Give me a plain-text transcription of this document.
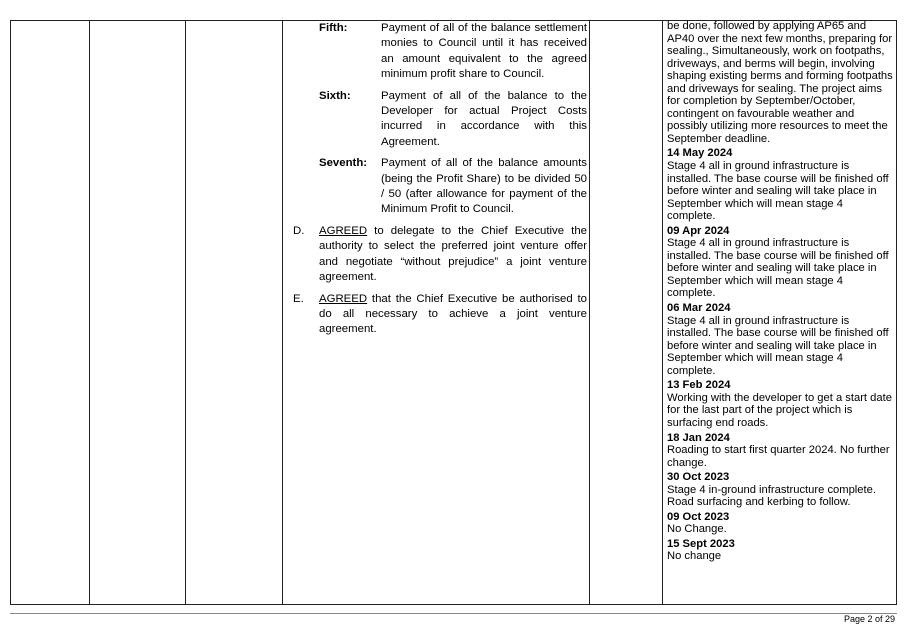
Fifth:	Payment of all of the balance settlement monies to Council until it has received an amount equivalent to the agreed minimum profit share to Council.
Sixth:	Payment of all of the balance to the Developer for actual Project Costs incurred in accordance with this Agreement.
Seventh:	Payment of all of the balance amounts (being the Profit Share) to be divided 50 / 50 (after allowance for payment of the Minimum Profit to Council.
D.	AGREED to delegate to the Chief Executive the authority to select the preferred joint venture offer and negotiate “without prejudice” a joint venture agreement.
E.	AGREED that the Chief Executive be authorised to do all necessary to achieve a joint venture agreement.
be done, followed by applying AP65 and AP40 over the next few months, preparing for sealing., Simultaneously, work on footpaths, driveways, and berms will begin, involving shaping existing berms and forming footpaths and driveways for sealing. The project aims for completion by September/October, contingent on favourable weather and possibly utilizing more resources to meet the September deadline.
14 May 2024
Stage 4 all in ground infrastructure is installed. The base course will be finished off before winter and sealing will take place in September which will mean stage 4 complete.
09 Apr 2024
Stage 4 all in ground infrastructure is installed. The base course will be finished off before winter and sealing will take place in September which will mean stage 4 complete.
06 Mar 2024
Stage 4 all in ground infrastructure is installed. The base course will be finished off before winter and sealing will take place in September which will mean stage 4 complete.
13 Feb 2024
Working with the developer to get a start date for the last part of the project which is surfacing end roads.
18 Jan 2024
Roading to start first quarter 2024. No further change.
30 Oct 2023
Stage 4 in-ground infrastructure complete. Road surfacing and kerbing to follow.
09 Oct 2023
No Change.
15 Sept 2023
No change
Page 2 of 29
